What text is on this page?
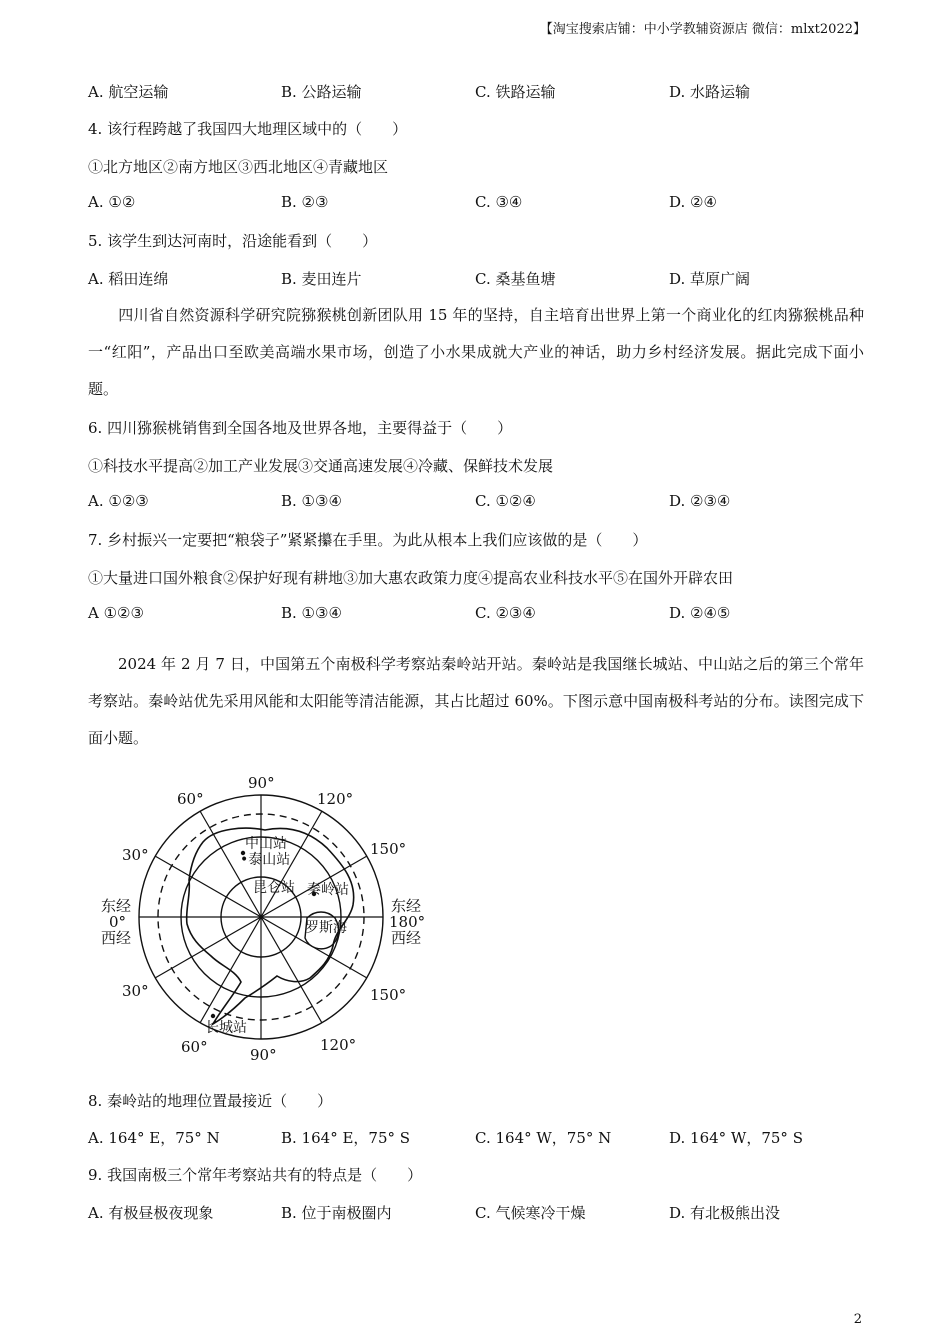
【淘宝搜索店铺：中小学教辅资源店 微信：mlxt2022】
A. 航空运输	B. 公路运输	C. 铁路运输	D. 水路运输
4. 该行程跨越了我国四大地理区域中的（　　）
①北方地区②南方地区③西北地区④青藏地区
A. ①②	B. ②③	C. ③④	D. ②④
5. 该学生到达河南时，沿途能看到（　　）
A. 稻田连绵	B. 麦田连片	C. 桑基鱼塘	D. 草原广阔
四川省自然资源科学研究院猕猴桃创新团队用 15 年的坚持，自主培育出世界上第一个商业化的红肉猕猴桃品种一“红阳”，产品出口至欧美高端水果市场，创造了小水果成就大产业的神话，助力乡村经济发展。据此完成下面小题。
6. 四川猕猴桃销售到全国各地及世界各地，主要得益于（　　）
①科技水平提高②加工产业发展③交通高速发展④冷藏、保鲜技术发展
A. ①②③	B. ①③④	C. ①②④	D. ②③④
7. 乡村振兴一定要把“粮袋子”紧紧攥在手里。为此从根本上我们应该做的是（　　）
①大量进口国外粮食②保护好现有耕地③加大惠农政策力度④提高农业科技水平⑤在国外开辟农田
A ①②③	B. ①③④	C. ②③④	D. ②④⑤
2024 年 2 月 7 日，中国第五个南极科学考察站秦岭站开站。秦岭站是我国继长城站、中山站之后的第三个常年考察站。秦岭站优先采用风能和太阳能等清洁能源，其占比超过 60%。下图示意中国南极科考站的分布。读图完成下面小题。
90°
60°	120°
30°	150°
东经
0°
西经
东经
180°
西经
30°	150°
60°	90°
120°
中山站
•泰山站
昆仑站 秦岭站
罗斯海
长城站
8. 秦岭站的地理位置最接近（　　）
A. 164° E，75° N	B. 164° E，75° S	C. 164° W，75° N	D. 164° W，75° S
9. 我国南极三个常年考察站共有的特点是（　　）
A. 有极昼极夜现象	B. 位于南极圈内	C. 气候寒冷干燥	D. 有北极熊出没
2
